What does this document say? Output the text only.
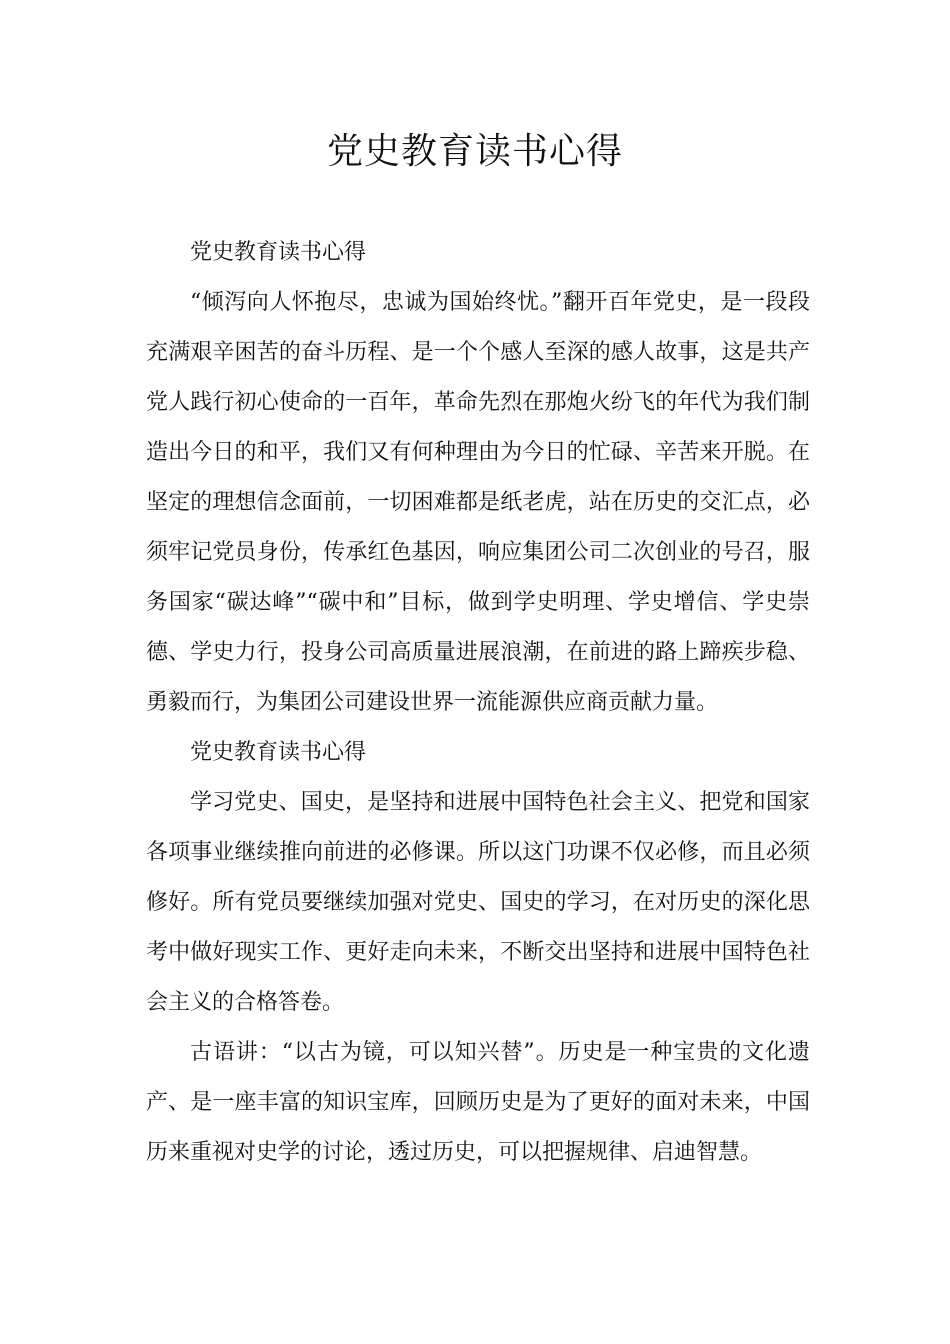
党史教育读书心得

党史教育读书心得

“倾泻向人怀抱尽，忠诚为国始终忧。”翻开百年党史，是一段段充满艰辛困苦的奋斗历程、是一个个感人至深的感人故事，这是共产党人践行初心使命的一百年，革命先烈在那炮火纷飞的年代为我们制造出今日的和平，我们又有何种理由为今日的忙碌、辛苦来开脱。在坚定的理想信念面前，一切困难都是纸老虎，站在历史的交汇点，必须牢记党员身份，传承红色基因，响应集团公司二次创业的号召，服务国家“碳达峰”“碳中和”目标，做到学史明理、学史增信、学史崇德、学史力行，投身公司高质量进展浪潮，在前进的路上蹄疾步稳、勇毅而行，为集团公司建设世界一流能源供应商贡献力量。

党史教育读书心得

学习党史、国史，是坚持和进展中国特色社会主义、把党和国家各项事业继续推向前进的必修课。所以这门功课不仅必修，而且必须修好。所有党员要继续加强对党史、国史的学习，在对历史的深化思考中做好现实工作、更好走向未来，不断交出坚持和进展中国特色社会主义的合格答卷。

古语讲：“以古为镜，可以知兴替”。历史是一种宝贵的文化遗产、是一座丰富的知识宝库，回顾历史是为了更好的面对未来，中国历来重视对史学的讨论，透过历史，可以把握规律、启迪智慧。
